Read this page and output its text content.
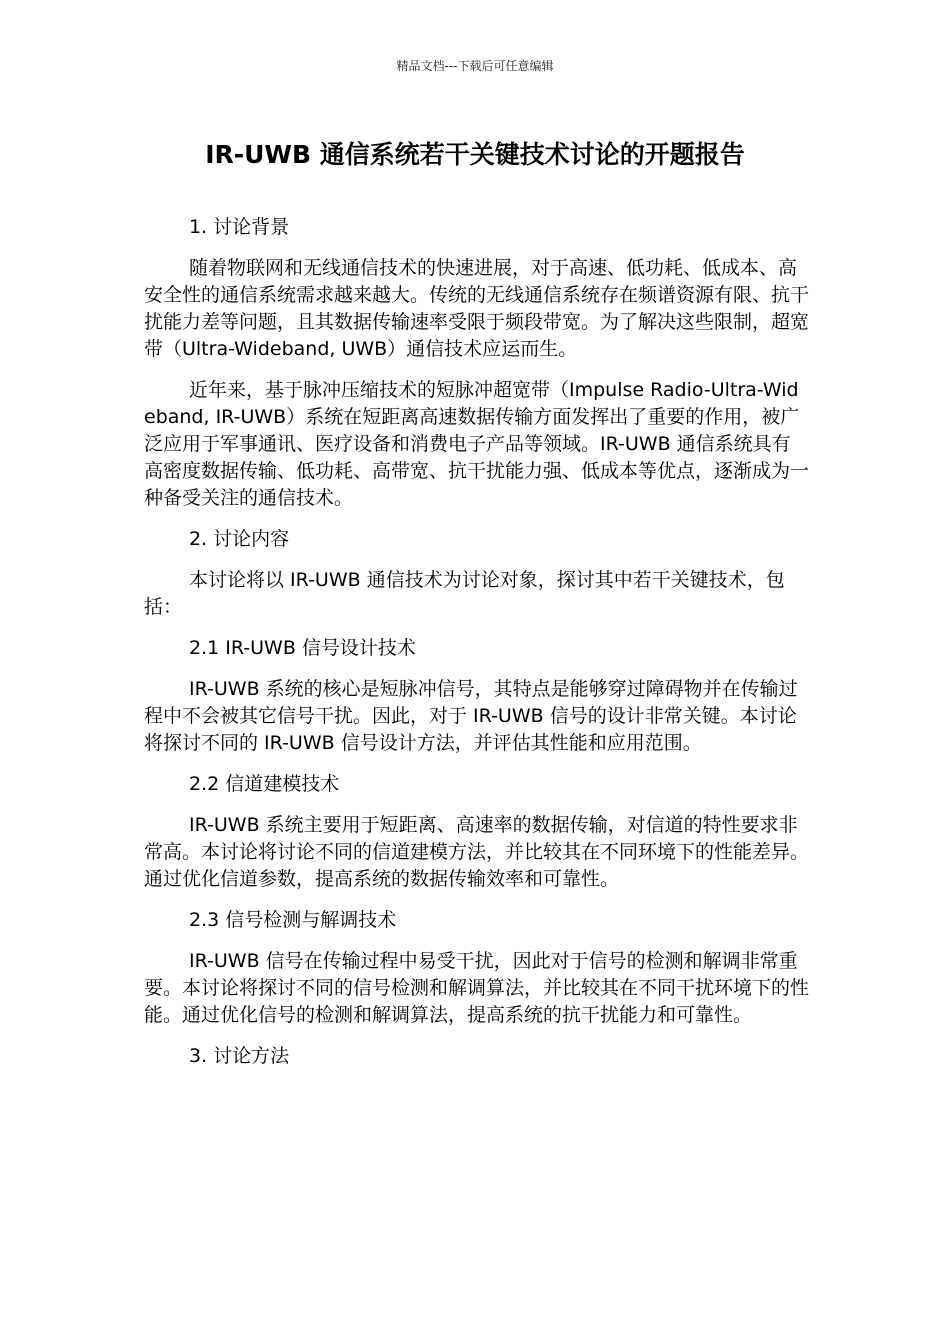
精品文档---下载后可任意编辑
IR-UWB 通信系统若干关键技术讨论的开题报告

1. 讨论背景

随着物联网和无线通信技术的快速进展，对于高速、低功耗、低成本、高安全性的通信系统需求越来越大。传统的无线通信系统存在频谱资源有限、抗干扰能力差等问题，且其数据传输速率受限于频段带宽。为了解决这些限制，超宽带（Ultra-Wideband, UWB）通信技术应运而生。

近年来，基于脉冲压缩技术的短脉冲超宽带（Impulse Radio-Ultra-Wideband, IR-UWB）系统在短距离高速数据传输方面发挥出了重要的作用，被广泛应用于军事通讯、医疗设备和消费电子产品等领域。IR-UWB 通信系统具有高密度数据传输、低功耗、高带宽、抗干扰能力强、低成本等优点，逐渐成为一种备受关注的通信技术。

2. 讨论内容

本讨论将以 IR-UWB 通信技术为讨论对象，探讨其中若干关键技术，包括：

2.1 IR-UWB 信号设计技术

IR-UWB 系统的核心是短脉冲信号，其特点是能够穿过障碍物并在传输过程中不会被其它信号干扰。因此，对于 IR-UWB 信号的设计非常关键。本讨论将探讨不同的 IR-UWB 信号设计方法，并评估其性能和应用范围。

2.2 信道建模技术

IR-UWB 系统主要用于短距离、高速率的数据传输，对信道的特性要求非常高。本讨论将讨论不同的信道建模方法，并比较其在不同环境下的性能差异。通过优化信道参数，提高系统的数据传输效率和可靠性。

2.3 信号检测与解调技术

IR-UWB 信号在传输过程中易受干扰，因此对于信号的检测和解调非常重要。本讨论将探讨不同的信号检测和解调算法，并比较其在不同干扰环境下的性能。通过优化信号的检测和解调算法，提高系统的抗干扰能力和可靠性。

3. 讨论方法
